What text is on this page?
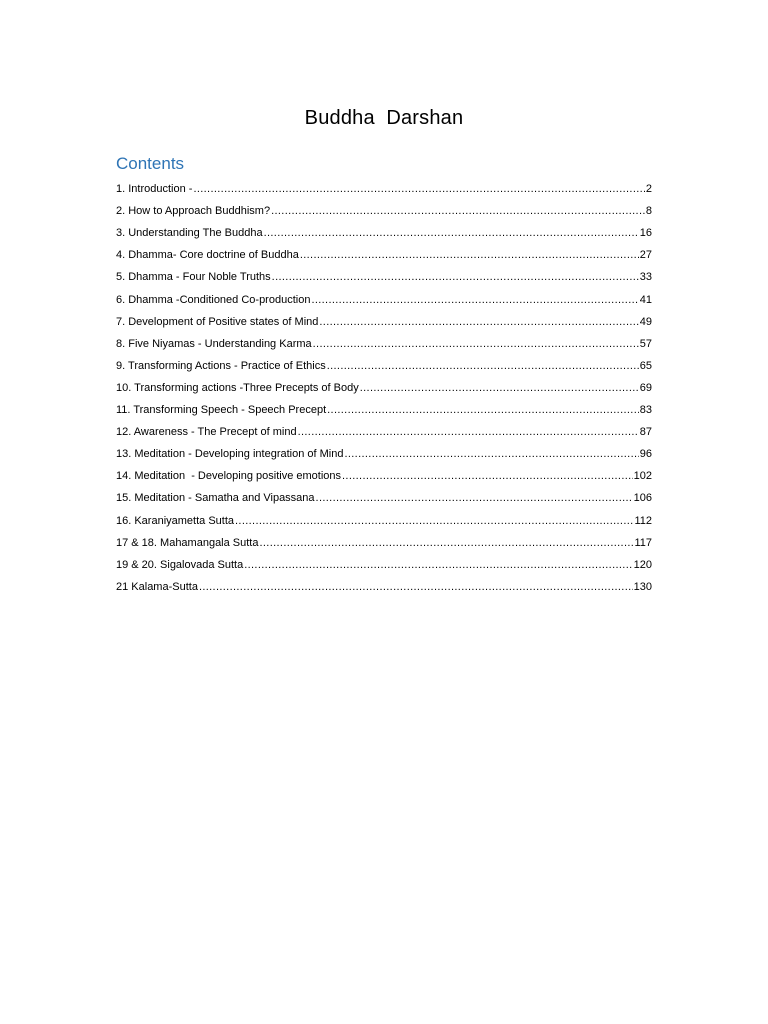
Buddha  Darshan
Contents
1. Introduction - .....	2
2. How to Approach Buddhism? .....	8
3. Understanding The Buddha .....	16
4. Dhamma- Core doctrine of Buddha .....	27
5. Dhamma - Four Noble Truths .....	33
6. Dhamma -Conditioned Co-production .....	41
7. Development of Positive states of Mind .....	49
8. Five Niyamas - Understanding Karma .....	57
9. Transforming Actions - Practice of Ethics .....	65
10. Transforming actions -Three Precepts of Body .....	69
11. Transforming Speech - Speech Precept .....	83
12. Awareness - The Precept of mind .....	87
13. Meditation - Developing integration of Mind .....	96
14. Meditation  - Developing positive emotions .....	102
15. Meditation - Samatha and Vipassana .....	106
16. Karaniyametta Sutta .....	112
17 & 18. Mahamangala Sutta .....	117
19 & 20. Sigalovada Sutta .....	120
21 Kalama-Sutta .....	130
